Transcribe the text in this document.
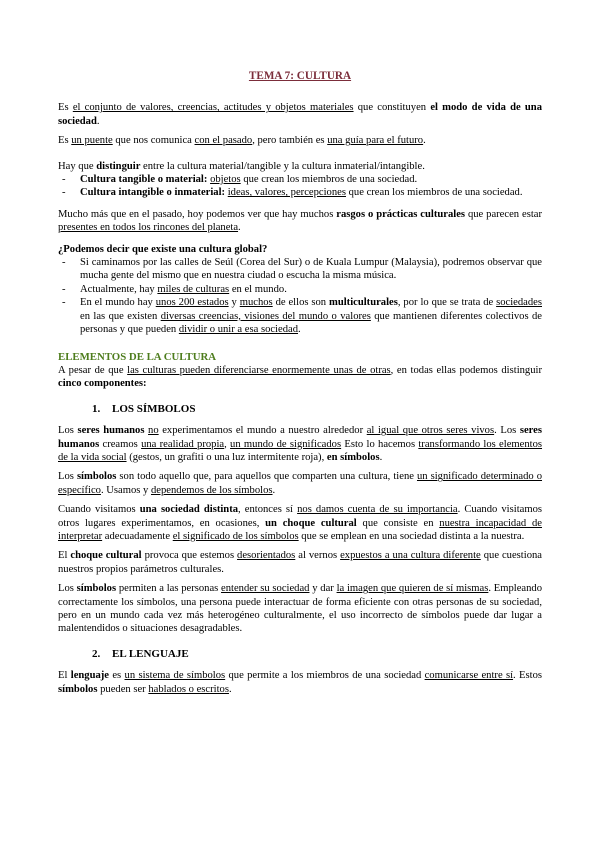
TEMA 7: CULTURA

Es el conjunto de valores, creencias, actitudes y objetos materiales que constituyen el modo de vida de una sociedad.

Es un puente que nos comunica con el pasado, pero también es una guía para el futuro.

Hay que distinguir entre la cultura material/tangible y la cultura inmaterial/intangible.

- Cultura tangible o material: objetos que crean los miembros de una sociedad.
- Cultura intangible o inmaterial: ideas, valores, percepciones que crean los miembros de una sociedad.

Mucho más que en el pasado, hoy podemos ver que hay muchos rasgos o prácticas culturales que parecen estar presentes en todos los rincones del planeta.

¿Podemos decir que existe una cultura global?
- Si caminamos por las calles de Seúl (Corea del Sur) o de Kuala Lumpur (Malaysia), podremos observar que mucha gente del mismo que en nuestra ciudad o escucha la misma música.
- Actualmente, hay miles de culturas en el mundo.
- En el mundo hay unos 200 estados y muchos de ellos son multiculturales, por lo que se trata de sociedades en las que existen diversas creencias, visiones del mundo o valores que mantienen diferentes colectivos de personas y que pueden dividir o unir a esa sociedad.
ELEMENTOS DE LA CULTURA

A pesar de que las culturas pueden diferenciarse enormemente unas de otras, en todas ellas podemos distinguir cinco componentes:

1. LOS SÍMBOLOS

Los seres humanos no experimentamos el mundo a nuestro alrededor al igual que otros seres vivos. Los seres humanos creamos una realidad propia, un mundo de significados Esto lo hacemos transformando los elementos de la vida social (gestos, un grafiti o una luz intermitente roja), en símbolos.

Los símbolos son todo aquello que, para aquellos que comparten una cultura, tiene un significado determinado o específico. Usamos y dependemos de los símbolos.

Cuando visitamos una sociedad distinta, entonces sí nos damos cuenta de su importancia. Cuando visitamos otros lugares experimentamos, en ocasiones, un choque cultural que consiste en nuestra incapacidad de interpretar adecuadamente el significado de los símbolos que se emplean en una sociedad distinta a la nuestra.

El choque cultural provoca que estemos desorientados al vernos expuestos a una cultura diferente que cuestiona nuestros propios parámetros culturales.

Los símbolos permiten a las personas entender su sociedad y dar la imagen que quieren de sí mismas. Empleando correctamente los símbolos, una persona puede interactuar de forma eficiente con otras personas de su sociedad, pero en un mundo cada vez más heterogéneo culturalmente, el uso incorrecto de símbolos puede dar lugar a malentendidos o situaciones desagradables.

2. EL LENGUAJE

El lenguaje es un sistema de símbolos que permite a los miembros de una sociedad comunicarse entre sí. Estos símbolos pueden ser hablados o escritos.
